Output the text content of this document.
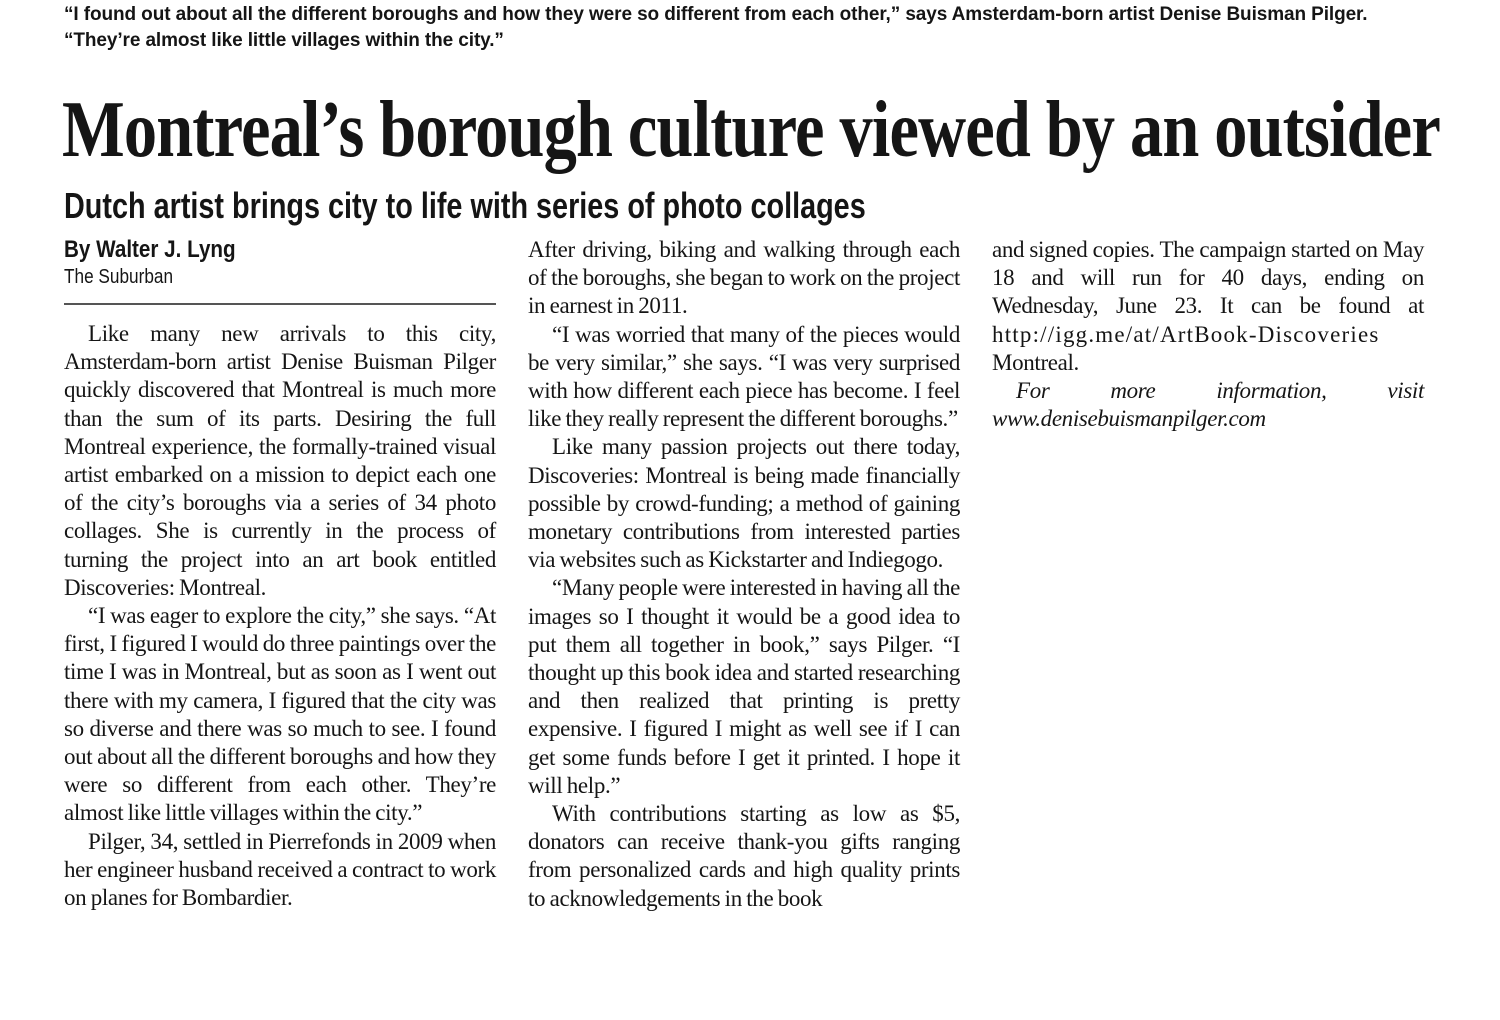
“I found out about all the different boroughs and how they were so different from each other,” says Amsterdam-born artist Denise Buisman Pilger. “They’re almost like little villages within the city.”

Montreal’s borough culture viewed by an outsider
Dutch artist brings city to life with series of photo collages
By Walter J. Lyng
The Suburban

Like many new arrivals to this city, Amsterdam-born artist Denise Buisman Pilger quickly discovered that Montreal is much more than the sum of its parts. Desiring the full Montreal experience, the formally-trained visual artist embarked on a mission to depict each one of the city’s boroughs via a series of 34 photo collages. She is currently in the process of turning the project into an art book entitled Discoveries: Montreal.

“I was eager to explore the city,” she says. “At first, I figured I would do three paintings over the time I was in Montreal, but as soon as I went out there with my camera, I figured that the city was so diverse and there was so much to see. I found out about all the different boroughs and how they were so different from each other. They’re almost like little villages within the city.”

Pilger, 34, settled in Pierrefonds in 2009 when her engineer husband received a contract to work on planes for Bombardier.

After driving, biking and walking through each of the boroughs, she began to work on the project in earnest in 2011.

“I was worried that many of the pieces would be very similar,” she says. “I was very surprised with how different each piece has become. I feel like they really represent the different boroughs.”

Like many passion projects out there today, Discoveries: Montreal is being made financially possible by crowd-funding; a method of gaining monetary contributions from interested parties via websites such as Kickstarter and Indiegogo.

“Many people were interested in having all the images so I thought it would be a good idea to put them all together in book,” says Pilger. “I thought up this book idea and started researching and then realized that printing is pretty expensive. I figured I might as well see if I can get some funds before I get it printed. I hope it will help.”

With contributions starting as low as $5, donators can receive thank-you gifts ranging from personalized cards and high quality prints to acknowledgements in the book

and signed copies. The campaign started on May 18 and will run for 40 days, ending on Wednesday, June 23. It can be found at http://igg.me/at/ArtBook-Discoveries Montreal.

For more information, visit www.denisebuismanpilger.com
